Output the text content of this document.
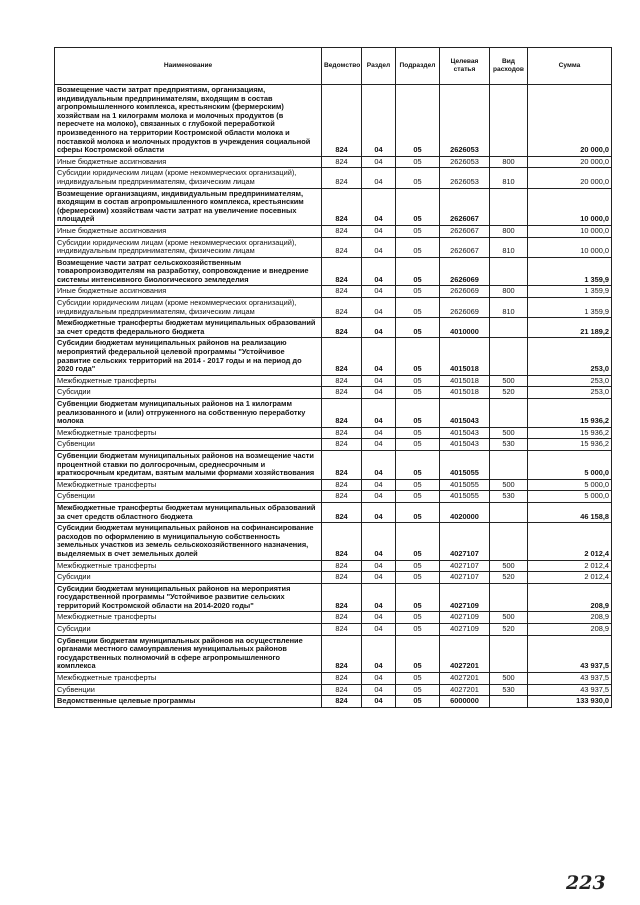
Наименование	Ведомство	Раздел	Подраздел	Целевая статья	Вид расходов	Сумма
Возмещение части затрат предприятиям, организациям, индивидуальным предпринимателям, входящим в состав агропромышленного комплекса, крестьянским (фермерским) хозяйствам на 1 килограмм молока и молочных продуктов (в пересчете на молоко), связанных с глубокой переработкой произведенного на территории Костромской области молока и поставкой молока и молочных продуктов в учреждения социальной сферы Костромской области	824	04	05	2626053		20 000,0
Иные бюджетные ассигнования	824	04	05	2626053	800	20 000,0
Субсидии юридическим лицам (кроме некоммерческих организаций), индивидуальным предпринимателям, физическим лицам	824	04	05	2626053	810	20 000,0
Возмещение организациям, индивидуальным предпринимателям, входящим в состав агропромышленного комплекса, крестьянским (фермерским) хозяйствам части затрат на увеличение посевных площадей	824	04	05	2626067		10 000,0
Иные бюджетные ассигнования	824	04	05	2626067	800	10 000,0
Субсидии юридическим лицам (кроме некоммерческих организаций), индивидуальным предпринимателям, физическим лицам	824	04	05	2626067	810	10 000,0
Возмещение части затрат сельскохозяйственным товаропроизводителям на разработку, сопровождение и внедрение системы интенсивного биологического земледелия	824	04	05	2626069		1 359,9
Иные бюджетные ассигнования	824	04	05	2626069	800	1 359,9
Субсидии юридическим лицам (кроме некоммерческих организаций), индивидуальным предпринимателям, физическим лицам	824	04	05	2626069	810	1 359,9
Межбюджетные трансферты бюджетам муниципальных образований за счет средств федерального бюджета	824	04	05	4010000		21 189,2
Субсидии бюджетам муниципальных районов на реализацию мероприятий федеральной целевой программы "Устойчивое развитие сельских территорий на 2014 - 2017 годы и на период до 2020 года"	824	04	05	4015018		253,0
Межбюджетные трансферты	824	04	05	4015018	500	253,0
Субсидии	824	04	05	4015018	520	253,0
Субвенции бюджетам муниципальных районов на 1 килограмм реализованного и (или) отгруженного на собственную переработку молока	824	04	05	4015043		15 936,2
Межбюджетные трансферты	824	04	05	4015043	500	15 936,2
Субвенции	824	04	05	4015043	530	15 936,2
Субвенции бюджетам муниципальных районов на возмещение части процентной ставки по долгосрочным, среднесрочным и краткосрочным кредитам, взятым малыми формами хозяйствования	824	04	05	4015055		5 000,0
Межбюджетные трансферты	824	04	05	4015055	500	5 000,0
Субвенции	824	04	05	4015055	530	5 000,0
Межбюджетные трансферты бюджетам муниципальных образований за счет средств областного бюджета	824	04	05	4020000		46 158,8
Субсидии бюджетам муниципальных районов на софинансирование расходов по оформлению в муниципальную собственность земельных участков из земель сельскохозяйственного назначения, выделяемых в счет земельных долей	824	04	05	4027107		2 012,4
Межбюджетные трансферты	824	04	05	4027107	500	2 012,4
Субсидии	824	04	05	4027107	520	2 012,4
Субсидии бюджетам муниципальных районов на мероприятия государственной программы "Устойчивое развитие сельских территорий Костромской области на 2014-2020 годы"	824	04	05	4027109		208,9
Межбюджетные трансферты	824	04	05	4027109	500	208,9
Субсидии	824	04	05	4027109	520	208,9
Субвенции бюджетам муниципальных районов на осуществление органами местного самоуправления муниципальных районов государственных полномочий в сфере агропромышленного комплекса	824	04	05	4027201		43 937,5
Межбюджетные трансферты	824	04	05	4027201	500	43 937,5
Субвенции	824	04	05	4027201	530	43 937,5
Ведомственные целевые программы	824	04	05	6000000		133 930,0
223
